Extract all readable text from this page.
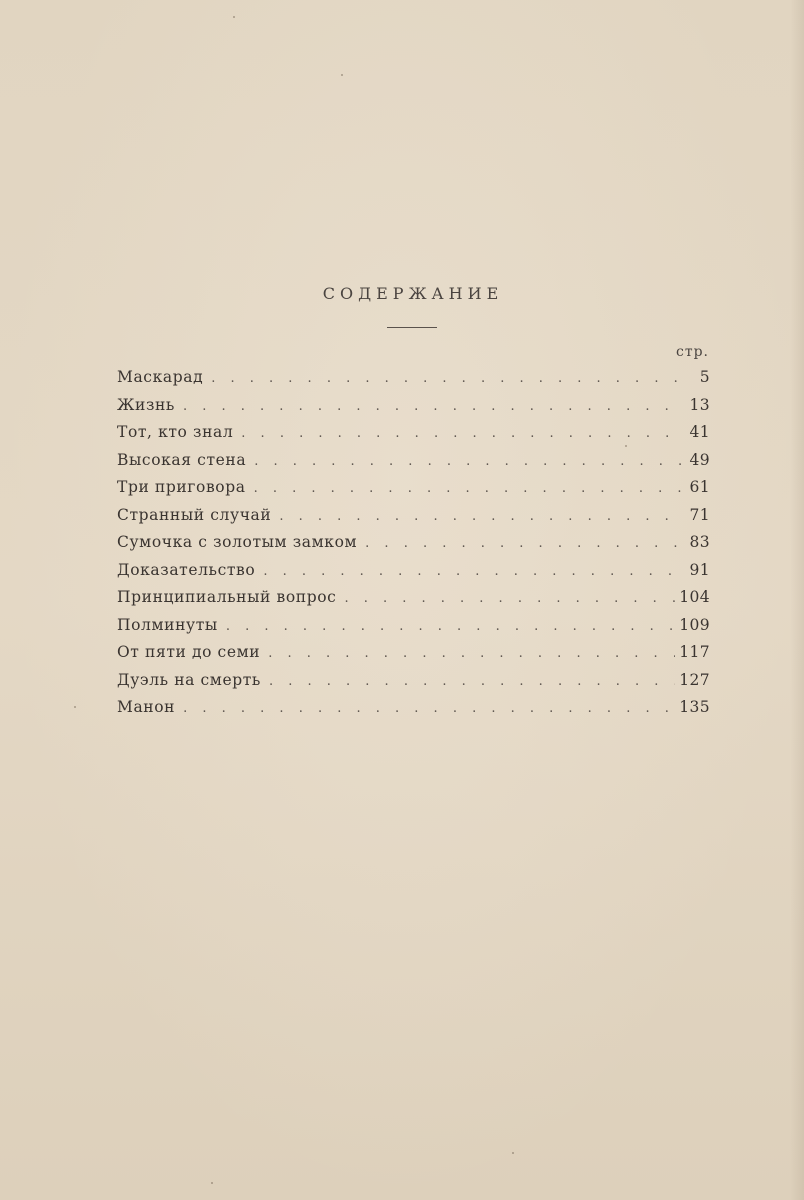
СОДЕРЖАНИЕ
стр.
Маскарад . . .	5
Жизнь . . .	13
Тот, кто знал . . .	41
Высокая стена . . .	49
Три приговора . . .	61
Странный случай . . .	71
Сумочка с золотым замком . . .	83
Доказательство . . .	91
Принципиальный вопрос . . .	104
Полминуты . . .	109
От пяти до семи . . .	117
Дуэль на смерть . . .	127
Манон . . .	135
